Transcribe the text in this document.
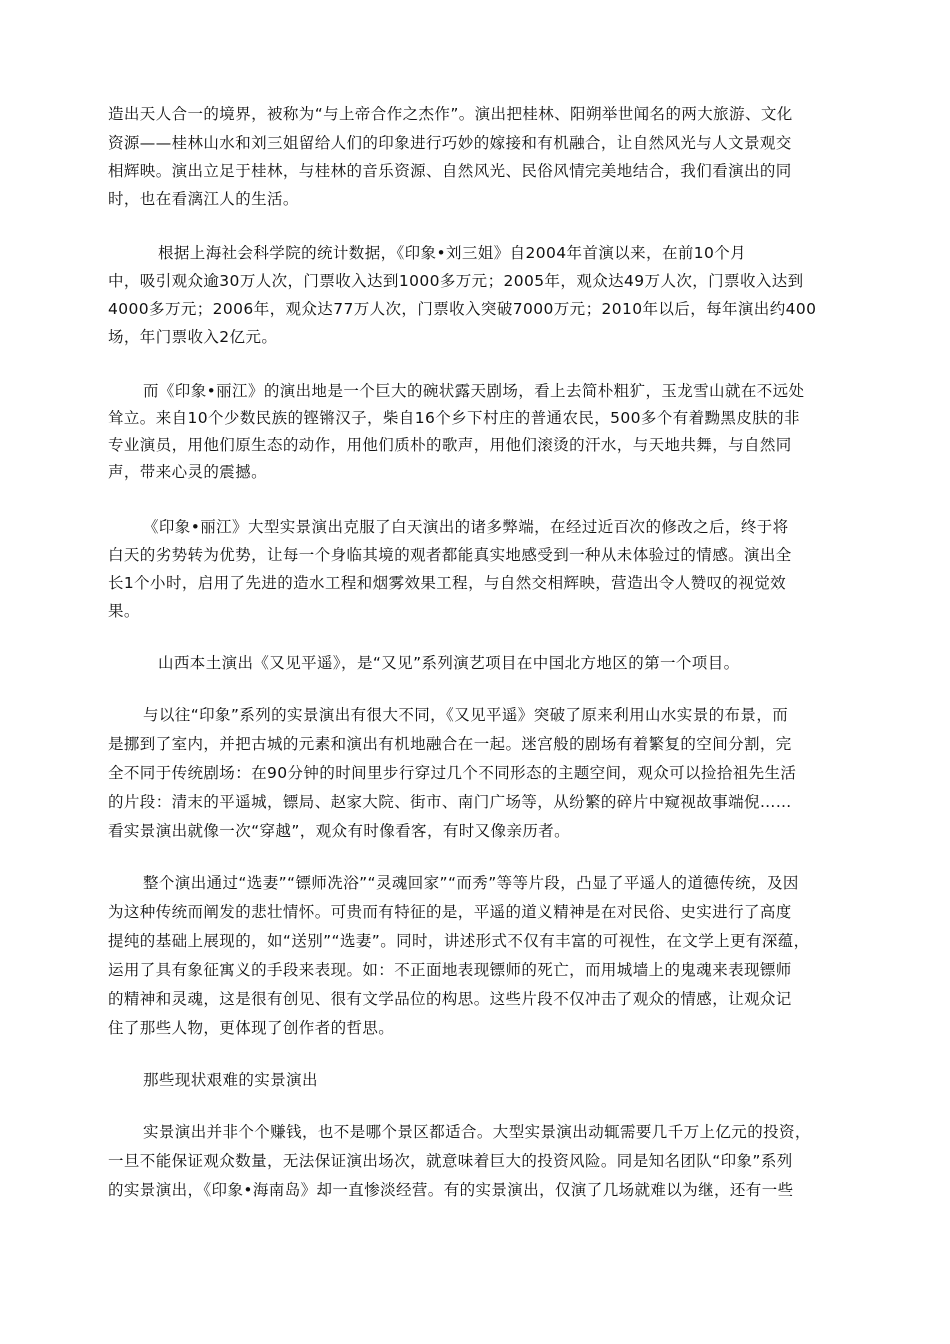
造出天人合一的境界，被称为“与上帝合作之杰作”。演出把桂林、阳朔举世闻名的两大旅游、文化
资源——桂林山水和刘三姐留给人们的印象进行巧妙的嫁接和有机融合，让自然风光与人文景观交
相辉映。演出立足于桂林，与桂林的音乐资源、自然风光、民俗风情完美地结合，我们看演出的同
时，也在看漓江人的生活。
根据上海社会科学院的统计数据，《印象•刘三姐》自2004年首演以来，在前10个月
中，吸引观众逾30万人次，门票收入达到1000多万元；2005年，观众达49万人次，门票收入达到
4000多万元；2006年，观众达77万人次，门票收入突破7000万元；2010年以后，每年演出约400
场，年门票收入2亿元。
而《印象•丽江》的演出地是一个巨大的碗状露天剧场，看上去简朴粗犷，玉龙雪山就在不远处
耸立。来自10个少数民族的铿锵汉子，柴自16个乡下村庄的普通农民，500多个有着黝黑皮肤的非
专业演员，用他们原生态的动作，用他们质朴的歌声，用他们滚烫的汗水，与天地共舞，与自然同
声，带来心灵的震撼。
《印象•丽江》大型实景演出克服了白天演出的诸多弊端，在经过近百次的修改之后，终于将
白天的劣势转为优势，让每一个身临其境的观者都能真实地感受到一种从未体验过的情感。演出全
长1个小时，启用了先进的造水工程和烟雾效果工程，与自然交相辉映，营造出令人赞叹的视觉效
果。
山西本土演出《又见平遥》，是“又见”系列演艺项目在中国北方地区的第一个项目。
与以往“印象”系列的实景演出有很大不同，《又见平遥》突破了原来利用山水实景的布景，而
是挪到了室内，并把古城的元素和演出有机地融合在一起。迷宫般的剧场有着繁复的空间分割，完
全不同于传统剧场：在90分钟的时间里步行穿过几个不同形态的主题空间，观众可以捡拾祖先生活
的片段：清末的平遥城，镖局、赵家大院、街市、南门广场等，从纷繁的碎片中窥视故事端倪……
看实景演出就像一次“穿越”，观众有时像看客，有时又像亲历者。
整个演出通过“选妻”“镖师冼浴”“灵魂回家”“而秀”等等片段，凸显了平遥人的道德传统，及因
为这种传统而阐发的悲壮情怀。可贵而有特征的是，平遥的道义精神是在对民俗、史实进行了高度
提纯的基础上展现的，如“送别”“选妻”。同时，讲述形式不仅有丰富的可视性，在文学上更有深蕴，
运用了具有象征寓义的手段来表现。如：不正面地表现镖师的死亡，而用城墙上的鬼魂来表现镖师
的精神和灵魂，这是很有创见、很有文学品位的构思。这些片段不仅冲击了观众的情感，让观众记
住了那些人物，更体现了创作者的哲思。
那些现状艰难的实景演出
实景演出并非个个赚钱，也不是哪个景区都适合。大型实景演出动辄需要几千万上亿元的投资，
一旦不能保证观众数量，无法保证演出场次，就意味着巨大的投资风险。同是知名团队“印象”系列
的实景演出，《印象•海南岛》却一直惨淡经营。有的实景演出，仅演了几场就难以为继，还有一些
